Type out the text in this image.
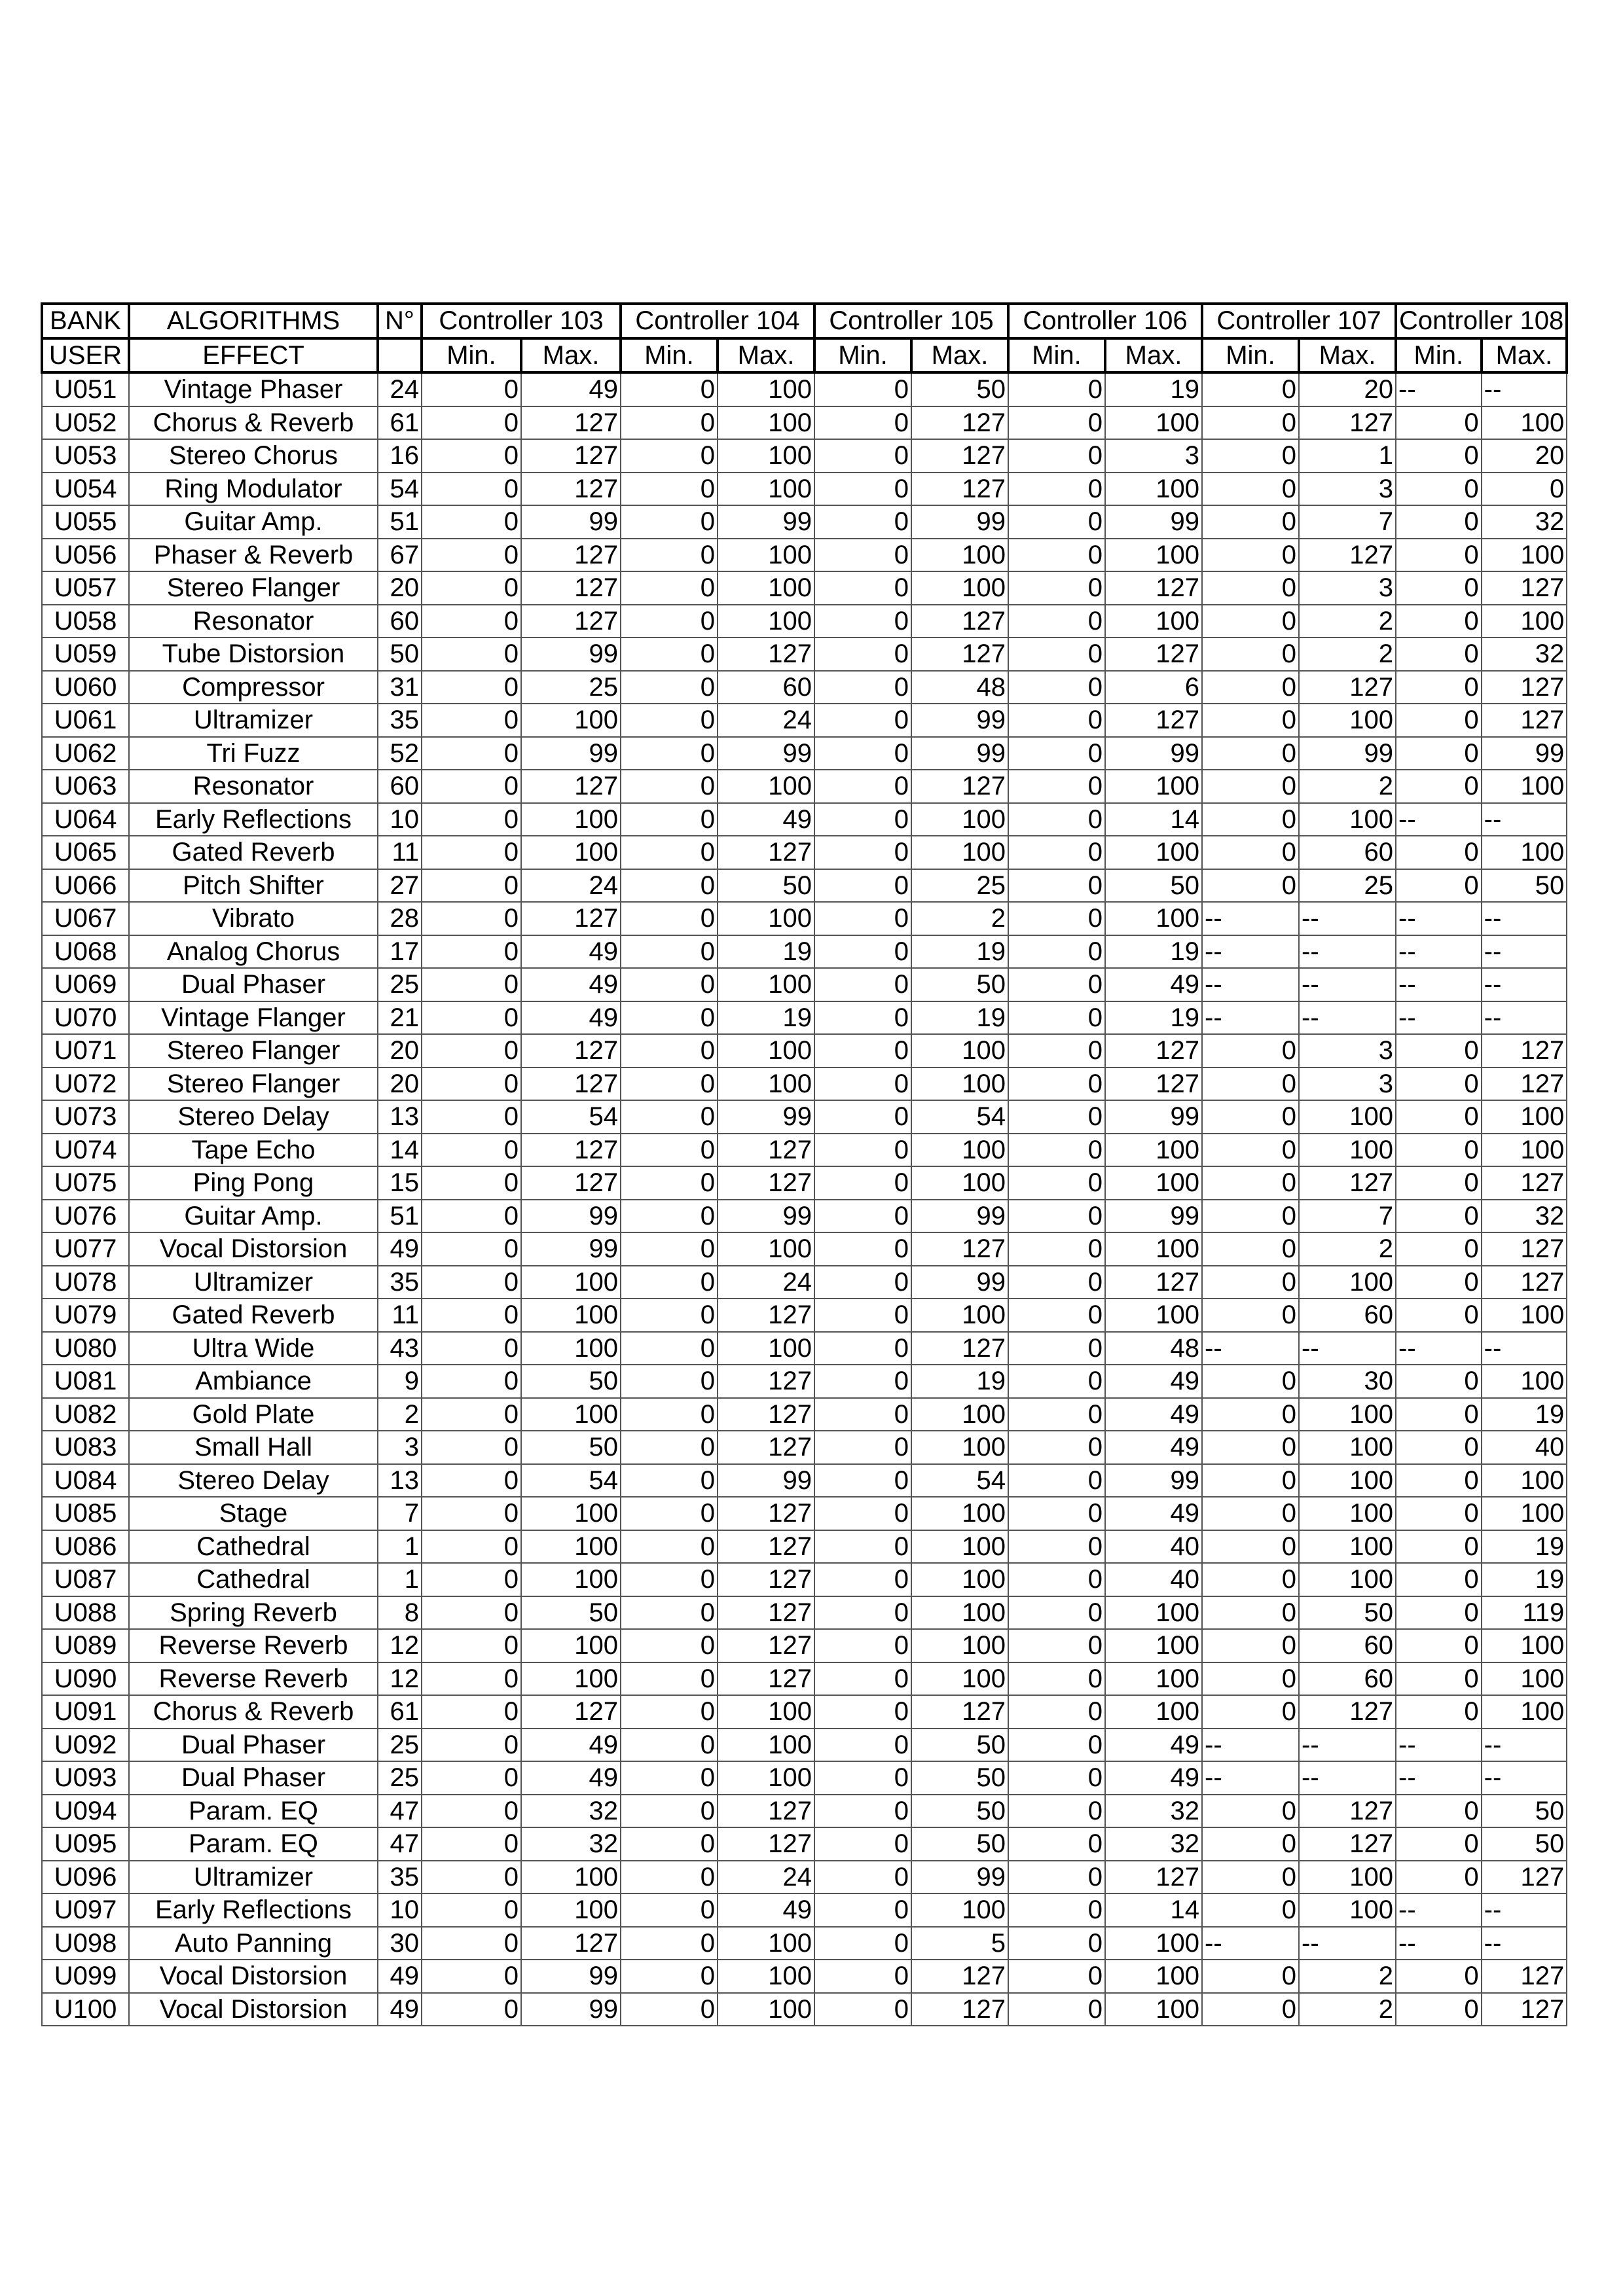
BANK	ALGORITHMS	N°	Controller 103		Controller 104		Controller 105		Controller 106		Controller 107		Controller 108	
USER	EFFECT		Min.	Max.	Min.	Max.	Min.	Max.	Min.	Max.	Min.	Max.	Min.	Max.
U051	Vintage Phaser	24	0	49	0	100	0	50	0	19	0	20	--	--
U052	Chorus & Reverb	61	0	127	0	100	0	127	0	100	0	127	0	100
U053	Stereo Chorus	16	0	127	0	100	0	127	0	3	0	1	0	20
U054	Ring Modulator	54	0	127	0	100	0	127	0	100	0	3	0	0
U055	Guitar Amp.	51	0	99	0	99	0	99	0	99	0	7	0	32
U056	Phaser & Reverb	67	0	127	0	100	0	100	0	100	0	127	0	100
U057	Stereo Flanger	20	0	127	0	100	0	100	0	127	0	3	0	127
U058	Resonator	60	0	127	0	100	0	127	0	100	0	2	0	100
U059	Tube Distorsion	50	0	99	0	127	0	127	0	127	0	2	0	32
U060	Compressor	31	0	25	0	60	0	48	0	6	0	127	0	127
U061	Ultramizer	35	0	100	0	24	0	99	0	127	0	100	0	127
U062	Tri Fuzz	52	0	99	0	99	0	99	0	99	0	99	0	99
U063	Resonator	60	0	127	0	100	0	127	0	100	0	2	0	100
U064	Early Reflections	10	0	100	0	49	0	100	0	14	0	100	--	--
U065	Gated Reverb	11	0	100	0	127	0	100	0	100	0	60	0	100
U066	Pitch Shifter	27	0	24	0	50	0	25	0	50	0	25	0	50
U067	Vibrato	28	0	127	0	100	0	2	0	100	--	--	--	--
U068	Analog Chorus	17	0	49	0	19	0	19	0	19	--	--	--	--
U069	Dual Phaser	25	0	49	0	100	0	50	0	49	--	--	--	--
U070	Vintage Flanger	21	0	49	0	19	0	19	0	19	--	--	--	--
U071	Stereo Flanger	20	0	127	0	100	0	100	0	127	0	3	0	127
U072	Stereo Flanger	20	0	127	0	100	0	100	0	127	0	3	0	127
U073	Stereo Delay	13	0	54	0	99	0	54	0	99	0	100	0	100
U074	Tape Echo	14	0	127	0	127	0	100	0	100	0	100	0	100
U075	Ping Pong	15	0	127	0	127	0	100	0	100	0	127	0	127
U076	Guitar Amp.	51	0	99	0	99	0	99	0	99	0	7	0	32
U077	Vocal Distorsion	49	0	99	0	100	0	127	0	100	0	2	0	127
U078	Ultramizer	35	0	100	0	24	0	99	0	127	0	100	0	127
U079	Gated Reverb	11	0	100	0	127	0	100	0	100	0	60	0	100
U080	Ultra Wide	43	0	100	0	100	0	127	0	48	--	--	--	--
U081	Ambiance	9	0	50	0	127	0	19	0	49	0	30	0	100
U082	Gold Plate	2	0	100	0	127	0	100	0	49	0	100	0	19
U083	Small Hall	3	0	50	0	127	0	100	0	49	0	100	0	40
U084	Stereo Delay	13	0	54	0	99	0	54	0	99	0	100	0	100
U085	Stage	7	0	100	0	127	0	100	0	49	0	100	0	100
U086	Cathedral	1	0	100	0	127	0	100	0	40	0	100	0	19
U087	Cathedral	1	0	100	0	127	0	100	0	40	0	100	0	19
U088	Spring Reverb	8	0	50	0	127	0	100	0	100	0	50	0	119
U089	Reverse Reverb	12	0	100	0	127	0	100	0	100	0	60	0	100
U090	Reverse Reverb	12	0	100	0	127	0	100	0	100	0	60	0	100
U091	Chorus & Reverb	61	0	127	0	100	0	127	0	100	0	127	0	100
U092	Dual Phaser	25	0	49	0	100	0	50	0	49	--	--	--	--
U093	Dual Phaser	25	0	49	0	100	0	50	0	49	--	--	--	--
U094	Param. EQ	47	0	32	0	127	0	50	0	32	0	127	0	50
U095	Param. EQ	47	0	32	0	127	0	50	0	32	0	127	0	50
U096	Ultramizer	35	0	100	0	24	0	99	0	127	0	100	0	127
U097	Early Reflections	10	0	100	0	49	0	100	0	14	0	100	--	--
U098	Auto Panning	30	0	127	0	100	0	5	0	100	--	--	--	--
U099	Vocal Distorsion	49	0	99	0	100	0	127	0	100	0	2	0	127
U100	Vocal Distorsion	49	0	99	0	100	0	127	0	100	0	2	0	127
